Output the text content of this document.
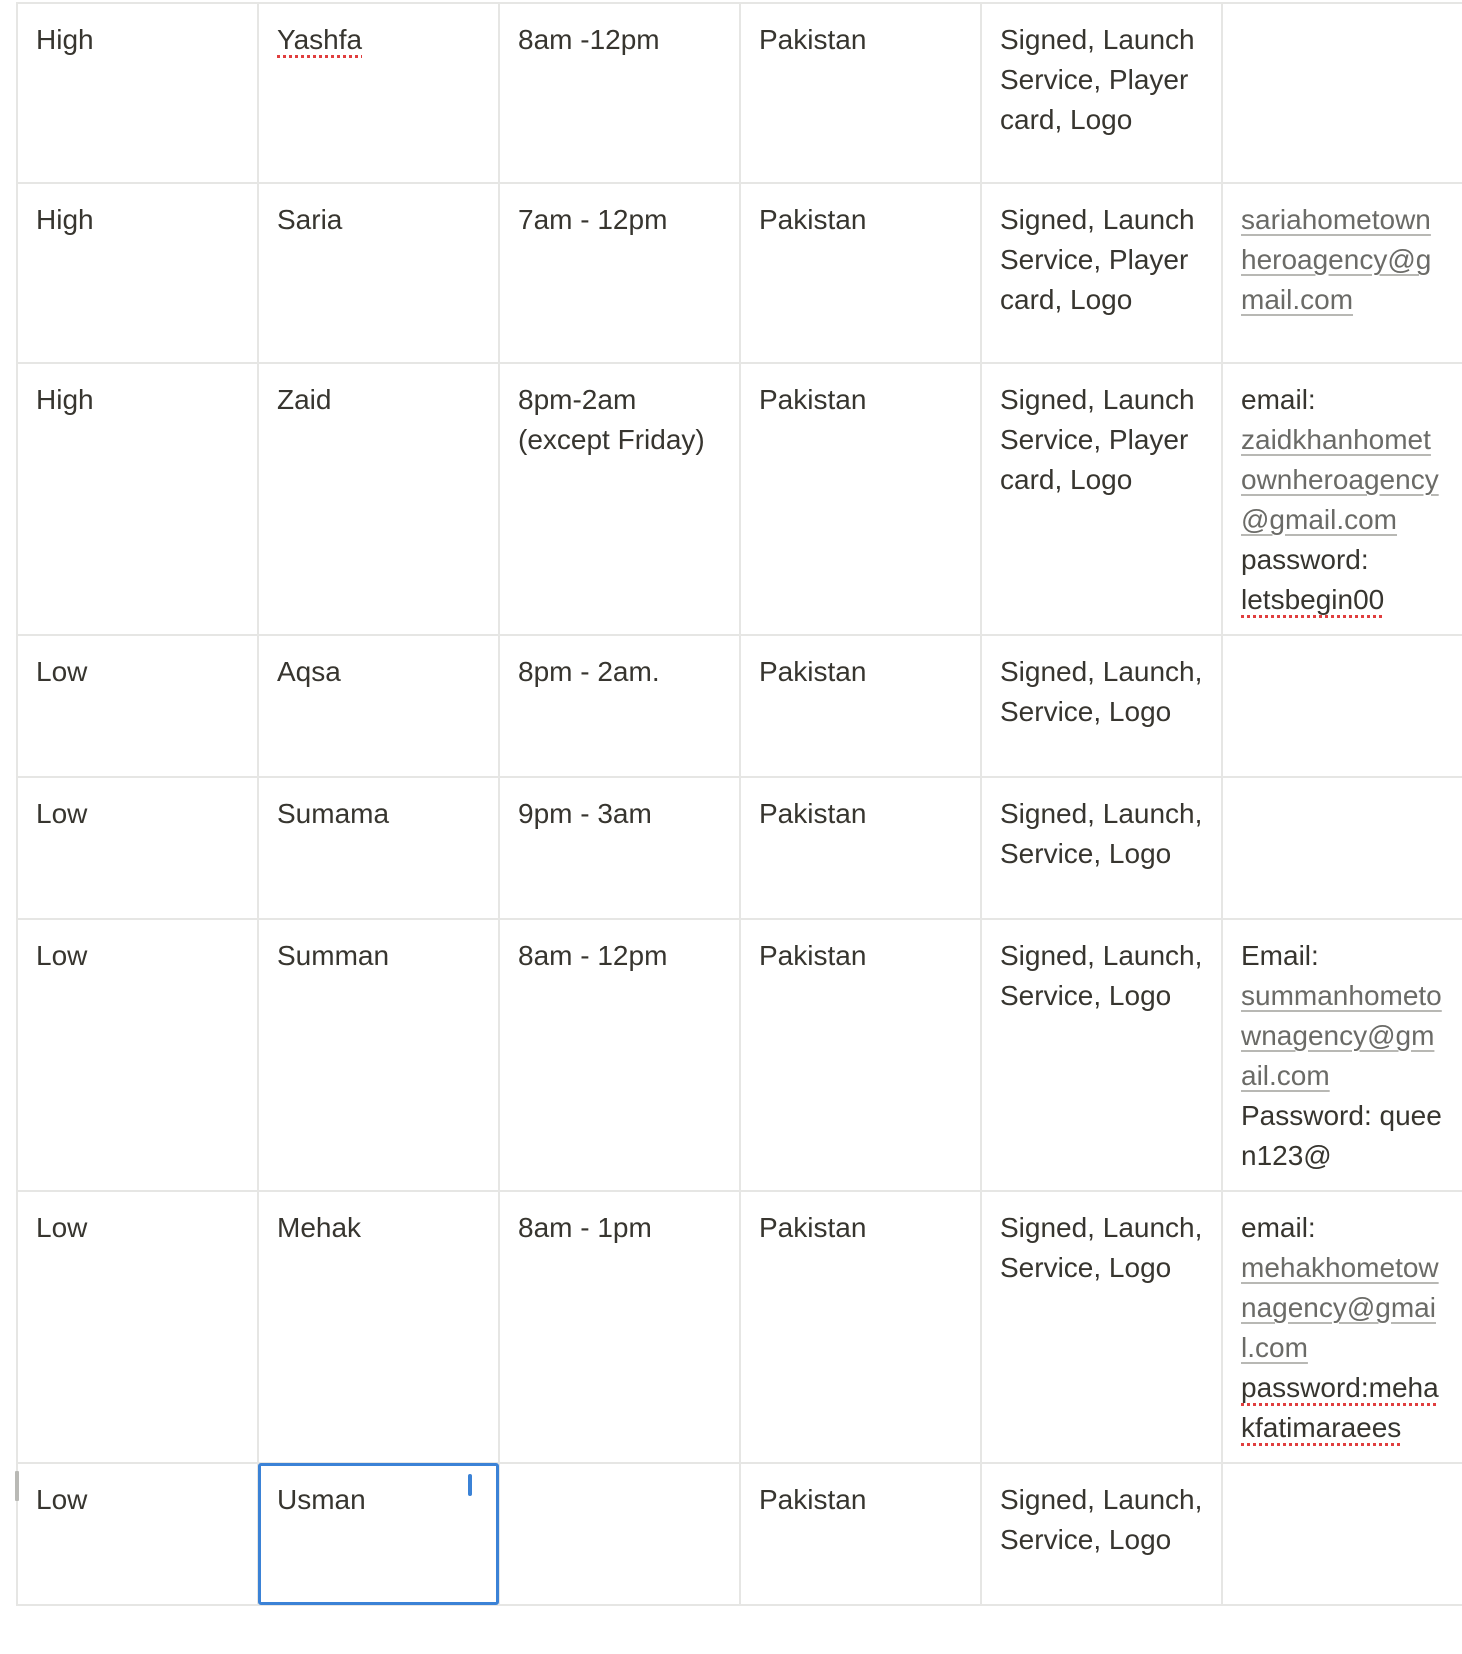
High	Yashfa	8am -12pm	Pakistan	Signed, Launch Service, Player card, Logo	
High	Saria	7am - 12pm	Pakistan	Signed, Launch Service, Player card, Logo	sariahometownheroagency@gmail.com

High	Zaid	8pm-2am (except Friday)	Pakistan	Signed, Launch Service, Player card, Logo	email:
zaidkhanhometownheroagency@gmail.com
password:
letsbegin00
Low	Aqsa	8pm - 2am.	Pakistan	Signed, Launch, Service, Logo	
Low	Sumama	9pm - 3am	Pakistan	Signed, Launch, Service, Logo	
Low	Summan	8am - 12pm	Pakistan	Signed, Launch, Service, Logo	Email:
summanhometownagency@gmail.com
Password: queen123@

Low	Mehak	8am - 1pm	Pakistan	Signed, Launch, Service, Logo	email:
mehakhometownagency@gmail.com
password:mehakfatimaraees
Low	Usman		Pakistan	Signed, Launch, Service, Logo	
